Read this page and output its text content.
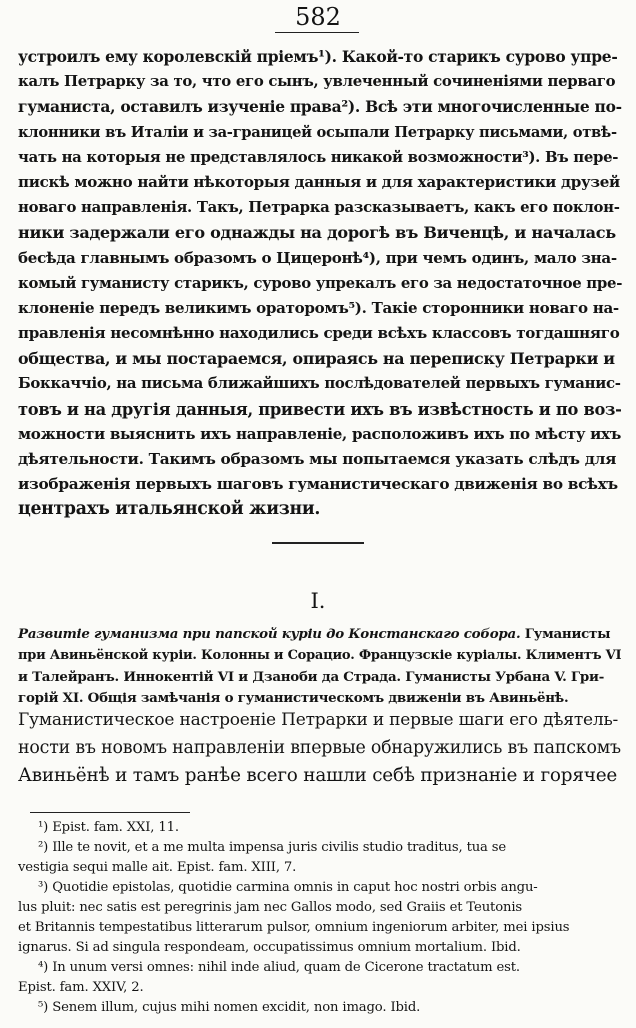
582
устроилъ ему королевскій пріемъ¹). Какой-то старикъ сурово упре-
калъ Петрарку за то, что его сынъ, увлеченный сочиненіями перваго
гуманиста, оставилъ изученіе права²). Всѣ эти многочисленные по-
клонники въ Италіи и за-границей осыпали Петрарку письмами, отвѣ-
чать на которыя не представлялось никакой возможности³). Въ пере-
пискѣ можно найти нѣкоторыя данныя и для характеристики друзей
новаго направленія. Такъ, Петрарка разсказываетъ, какъ его поклон-
ники задержали его однажды на дорогѣ въ Виченцѣ, и началась
бесѣда главнымъ образомъ о Цицеронѣ⁴), при чемъ одинъ, мало зна-
комый гуманисту старикъ, сурово упрекалъ его за недостаточное пре-
клоненіе передъ великимъ ораторомъ⁵). Такіе сторонники новаго на-
правленія несомнѣнно находились среди всѣхъ классовъ тогдашняго
общества, и мы постараемся, опираясь на переписку Петрарки и
Боккаччіо, на письма ближайшихъ послѣдователей первыхъ гуманис-
товъ и на другія данныя, привести ихъ въ извѣстность и по воз-
можности выяснить ихъ направленіе, расположивъ ихъ по мѣсту ихъ
дѣятельности. Такимъ образомъ мы попытаемся указать слѣдъ для
изображенія первыхъ шаговъ гуманистическаго движенія во всѣхъ
центрахъ итальянской жизни.
I.
Развитіе гуманизма при папской куріи до Констанскаго собора. Гуманисты
при Авиньёнской куріи. Колонны и Сорацио. Французскіе куріалы. Климентъ VI
и Талейранъ. Иннокентій VI и Дзаноби да Страда. Гуманисты Урбана V. Гри-
горій XI. Общія замѣчанія о гуманистическомъ движеніи въ Авиньёнѣ.
Гуманистическое настроеніе Петрарки и первые шаги его дѣятель-
ности въ новомъ направленіи впервые обнаружились въ папскомъ
Авиньёнѣ и тамъ ранѣе всего нашли себѣ признаніе и горячее
¹) Epist. fam. XXI, 11.
²) Ille te novit, et a me multa impensa juris civilis studio traditus, tua se
vestigia sequi malle ait. Epist. fam. XIII, 7.
³) Quotidie epistolas, quotidie carmina omnis in caput hoc nostri orbis angu-
lus pluit: nec satis est peregrinis jam nec Gallos modo, sed Graiis et Teutonis
et Britannis tempestatibus litterarum pulsor, omnium ingeniorum arbiter, mei ipsius
ignarus. Si ad singula respondeam, occupatissimus omnium mortalium. Ibid.
⁴) In unum versi omnes: nihil inde aliud, quam de Cicerone tractatum est.
Epist. fam. XXIV, 2.
⁵) Senem illum, cujus mihi nomen excidit, non imago. Ibid.
